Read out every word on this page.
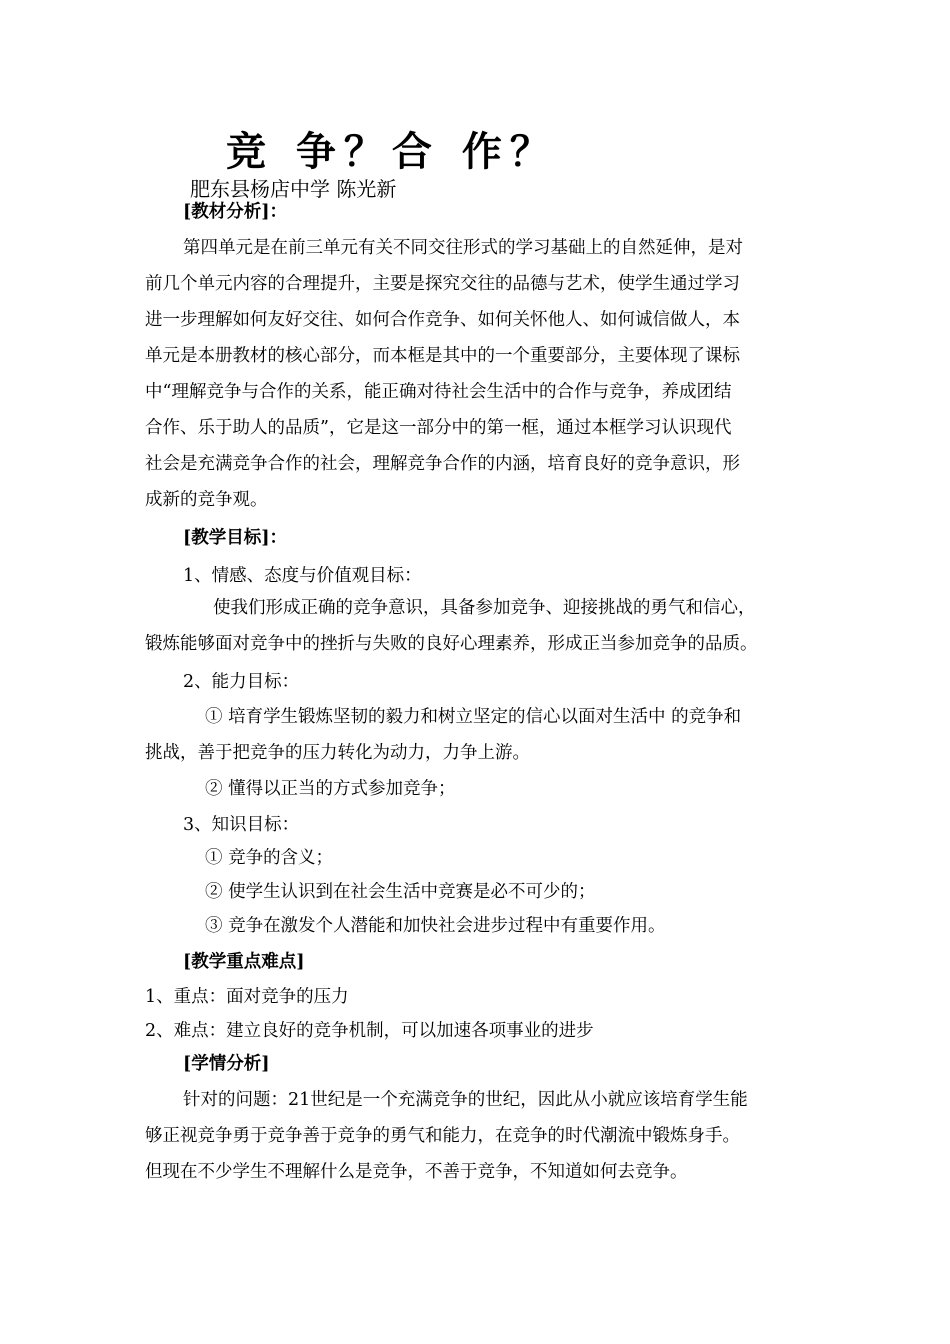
竞 争？合 作？
肥东县杨店中学 陈光新
[教材分析]：
第四单元是在前三单元有关不同交往形式的学习基础上的自然延伸，是对
前几个单元内容的合理提升，主要是探究交往的品德与艺术，使学生通过学习
进一步理解如何友好交往、如何合作竞争、如何关怀他人、如何诚信做人，本
单元是本册教材的核心部分，而本框是其中的一个重要部分，主要体现了课标
中“理解竞争与合作的关系，能正确对待社会生活中的合作与竞争，养成团结
合作、乐于助人的品质”，它是这一部分中的第一框，通过本框学习认识现代
社会是充满竞争合作的社会，理解竞争合作的内涵，培育良好的竞争意识，形
成新的竞争观。
[教学目标]：
1、情感、态度与价值观目标：
使我们形成正确的竞争意识，具备参加竞争、迎接挑战的勇气和信心，
锻炼能够面对竞争中的挫折与失败的良好心理素养，形成正当参加竞争的品质。
2、能力目标：
① 培育学生锻炼坚韧的毅力和树立坚定的信心以面对生活中 的竞争和
挑战，善于把竞争的压力转化为动力，力争上游。
② 懂得以正当的方式参加竞争；
3、知识目标：
① 竞争的含义；
② 使学生认识到在社会生活中竞赛是必不可少的；
③ 竞争在激发个人潜能和加快社会进步过程中有重要作用。
[教学重点难点]
1、重点：面对竞争的压力
2、难点：建立良好的竞争机制，可以加速各项事业的进步
[学情分析]
针对的问题：21世纪是一个充满竞争的世纪，因此从小就应该培育学生能
够正视竞争勇于竞争善于竞争的勇气和能力，在竞争的时代潮流中锻炼身手。
但现在不少学生不理解什么是竞争，不善于竞争，不知道如何去竞争。
